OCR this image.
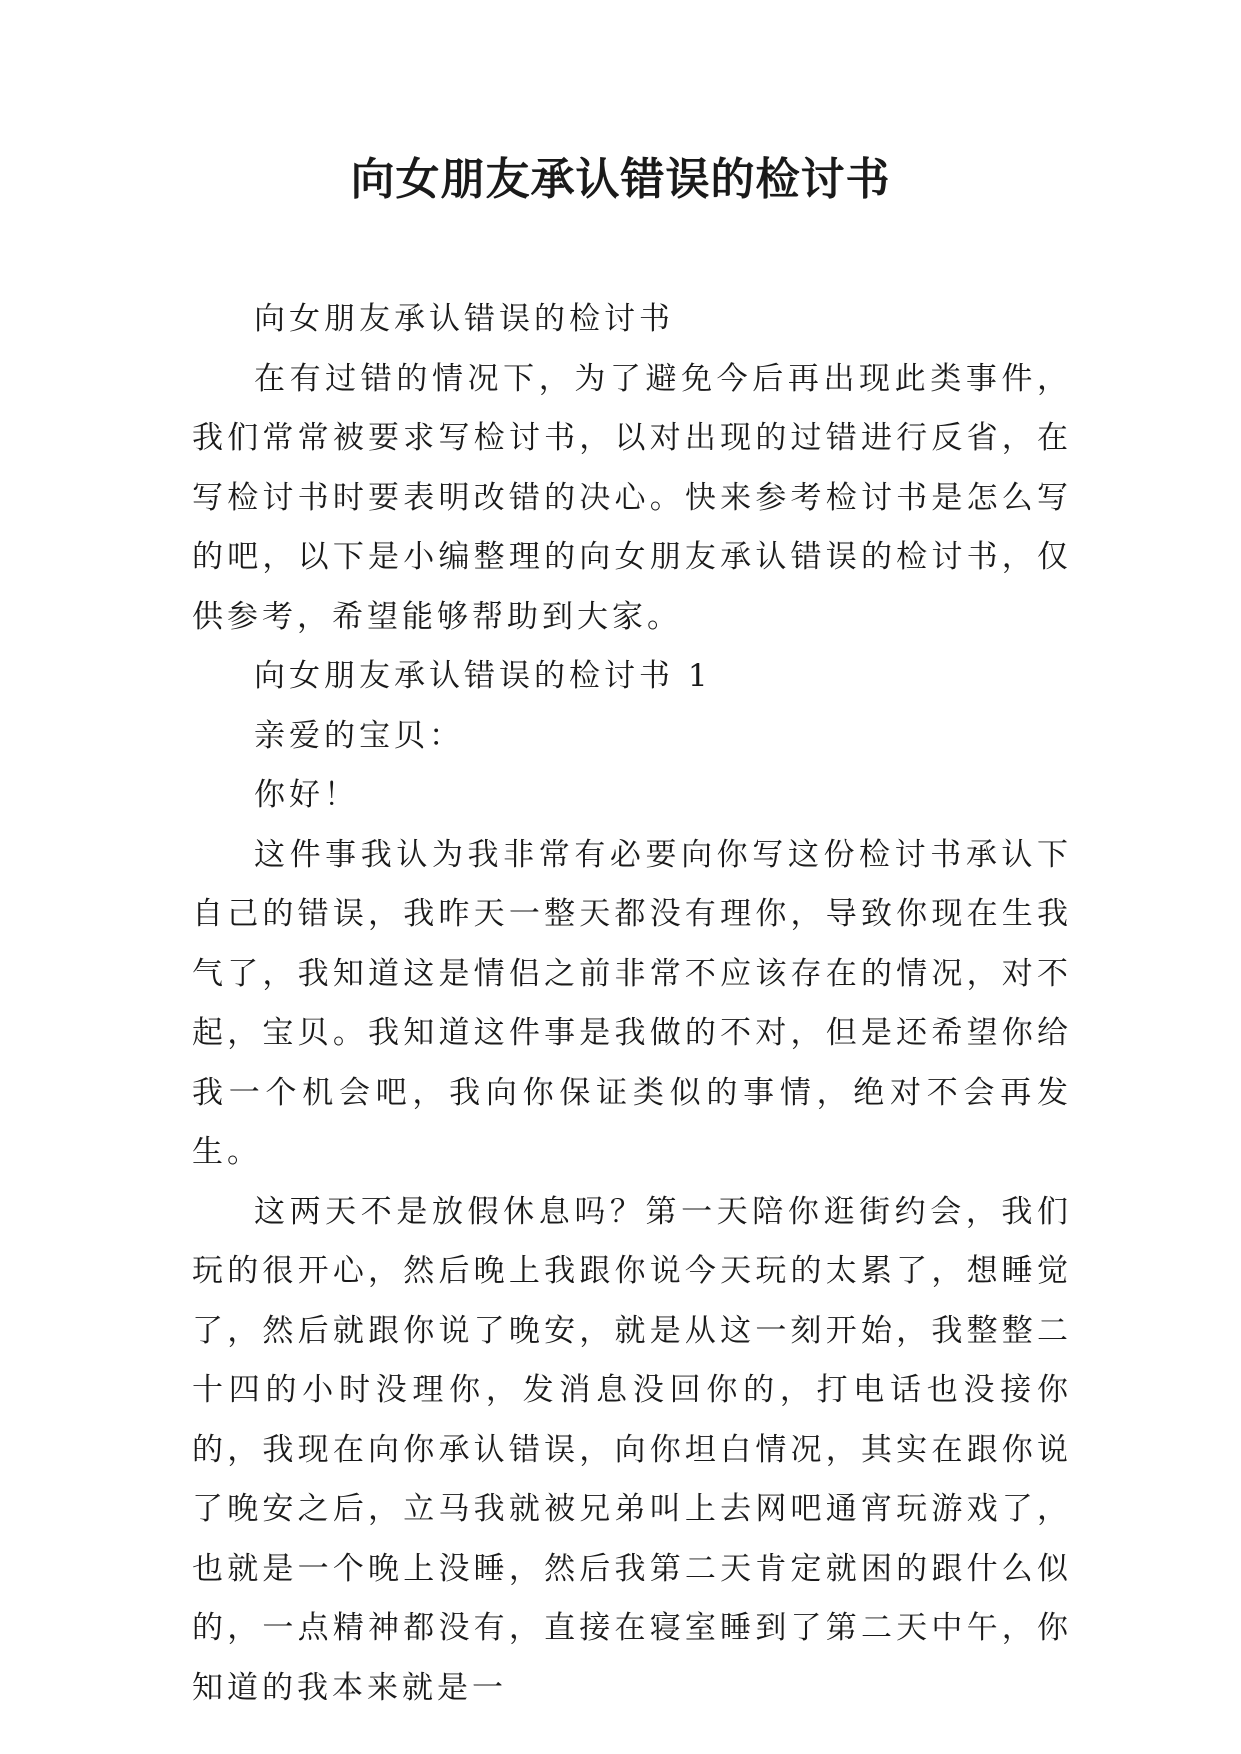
向女朋友承认错误的检讨书

向女朋友承认错误的检讨书

在有过错的情况下，为了避免今后再出现此类事件，我们常常被要求写检讨书，以对出现的过错进行反省，在写检讨书时要表明改错的决心。快来参考检讨书是怎么写的吧，以下是小编整理的向女朋友承认错误的检讨书，仅供参考，希望能够帮助到大家。

向女朋友承认错误的检讨书 1

亲爱的宝贝：

你好！

这件事我认为我非常有必要向你写这份检讨书承认下自己的错误，我昨天一整天都没有理你，导致你现在生我气了，我知道这是情侣之前非常不应该存在的情况，对不起，宝贝。我知道这件事是我做的不对，但是还希望你给我一个机会吧，我向你保证类似的事情，绝对不会再发生。

这两天不是放假休息吗？第一天陪你逛街约会，我们玩的很开心，然后晚上我跟你说今天玩的太累了，想睡觉了，然后就跟你说了晚安，就是从这一刻开始，我整整二十四的小时没理你，发消息没回你的，打电话也没接你的，我现在向你承认错误，向你坦白情况，其实在跟你说了晚安之后，立马我就被兄弟叫上去网吧通宵玩游戏了，也就是一个晚上没睡，然后我第二天肯定就困的跟什么似的，一点精神都没有，直接在寝室睡到了第二天中午，你知道的我本来就是一
